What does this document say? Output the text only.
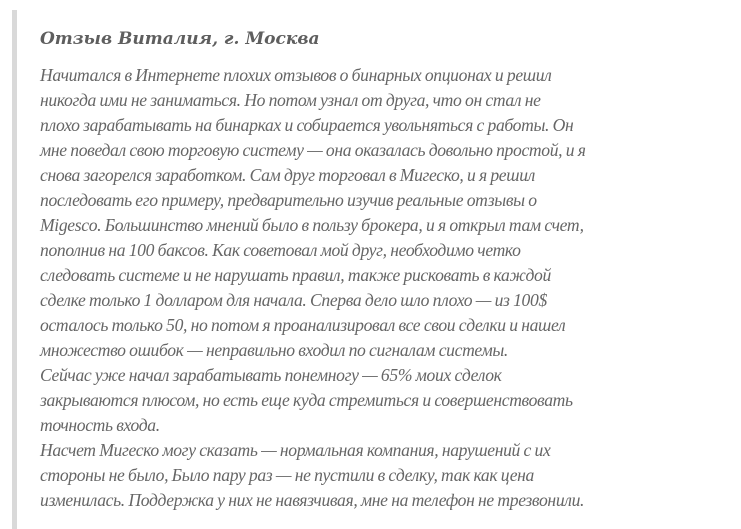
Отзыв Виталия, г. Москва

Начитался в Интернете плохих отзывов о бинарных опционах и решил
никогда ими не заниматься. Но потом узнал от друга, что он стал не
плохо зарабатывать на бинарках и собирается увольняться с работы. Он
мне поведал свою торговую систему — она оказалась довольно простой, и я
снова загорелся заработком. Сам друг торговал в Мигеско, и я решил
последовать его примеру, предварительно изучив реальные отзывы о
Migesco. Большинство мнений было в пользу брокера, и я открыл там счет,
пополнив на 100 баксов. Как советовал мой друг, необходимо четко
следовать системе и не нарушать правил, также рисковать в каждой
сделке только 1 долларом для начала. Сперва дело шло плохо — из 100$
осталось только 50, но потом я проанализировал все свои сделки и нашел
множество ошибок — неправильно входил по сигналам системы.

Сейчас уже начал зарабатывать понемногу — 65% моих сделок
закрываются плюсом, но есть еще куда стремиться и совершенствовать
точность входа.

Насчет Мигеско могу сказать — нормальная компания, нарушений с их
стороны не было, Было пару раз — не пустили в сделку, так как цена
изменилась. Поддержка у них не навязчивая, мне на телефон не трезвонили.
